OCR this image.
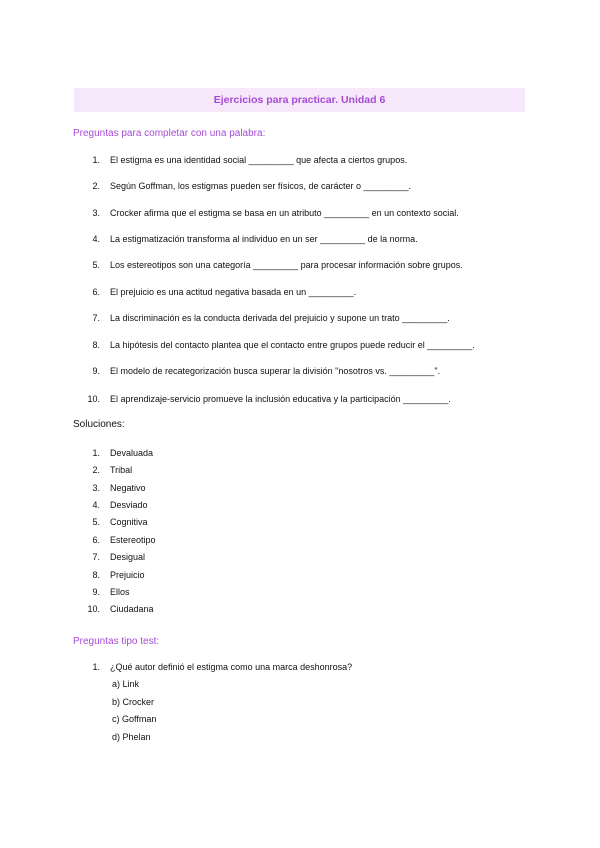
Ejercicios para practicar. Unidad 6
Preguntas para completar con una palabra:
1. El estigma es una identidad social _________ que afecta a ciertos grupos.
2. Según Goffman, los estigmas pueden ser físicos, de carácter o _________.
3. Crocker afirma que el estigma se basa en un atributo _________ en un contexto social.
4. La estigmatización transforma al individuo en un ser _________ de la norma.
5. Los estereotipos son una categoría _________ para procesar información sobre grupos.
6. El prejuicio es una actitud negativa basada en un _________.
7. La discriminación es la conducta derivada del prejuicio y supone un trato _________.
8. La hipótesis del contacto plantea que el contacto entre grupos puede reducir el _________.
9. El modelo de recategorización busca superar la división "nosotros vs. _________".
10. El aprendizaje-servicio promueve la inclusión educativa y la participación _________.
Soluciones:
1. Devaluada
2. Tribal
3. Negativo
4. Desviado
5. Cognitiva
6. Estereotipo
7. Desigual
8. Prejuicio
9. Ellos
10. Ciudadana
Preguntas tipo test:
1. ¿Qué autor definió el estigma como una marca deshonrosa?
a) Link
b) Crocker
c) Goffman
d) Phelan
